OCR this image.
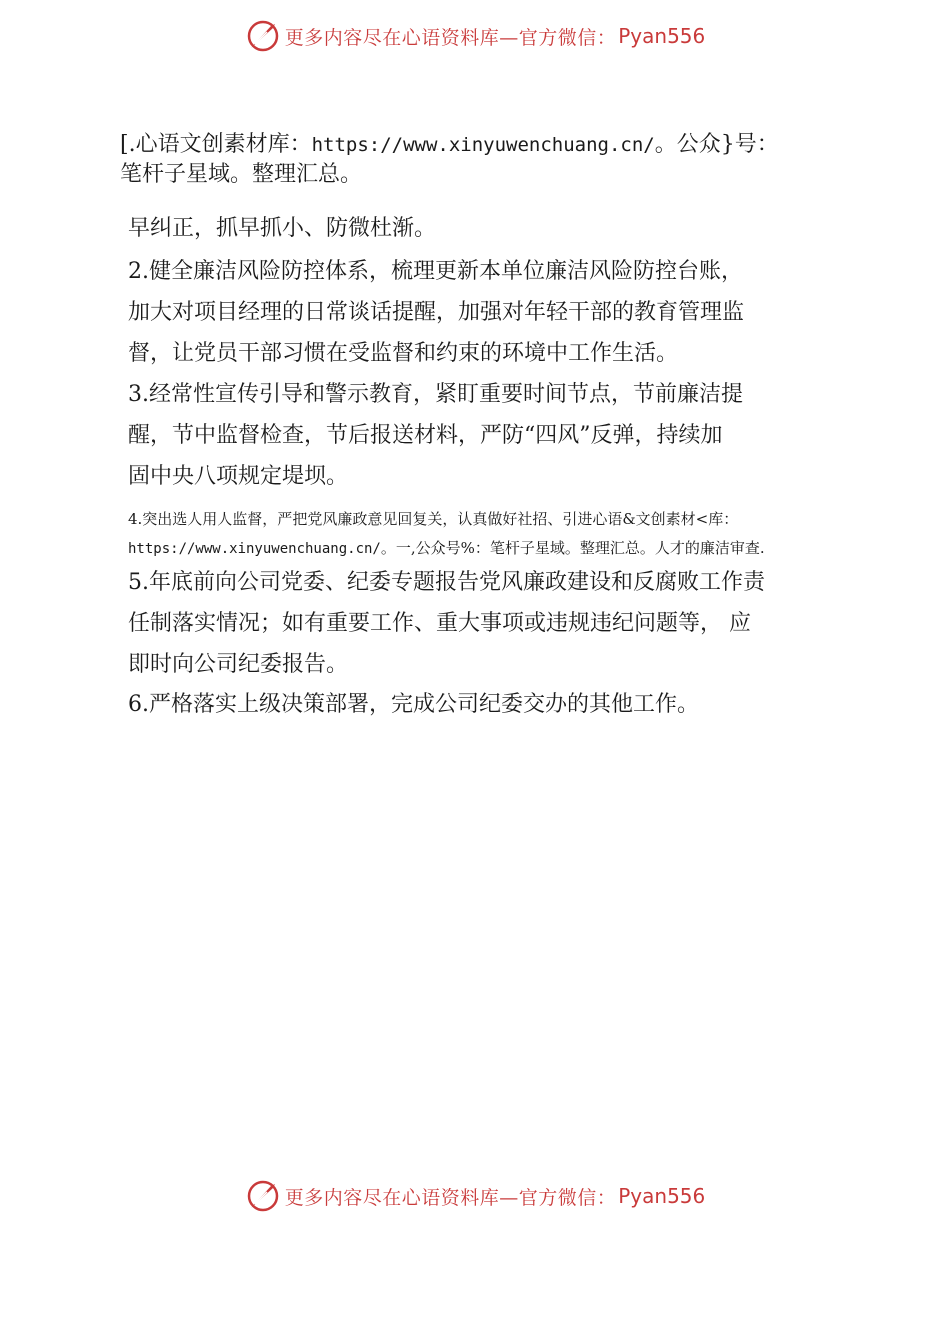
更多内容尽在心语资料库—官方微信： Pyan556
[.心语文创素材库：https://www.xinyuwenchuang.cn/。公众}号：
笔杆子星域。整理汇总。
早纠正，抓早抓小、防微杜渐。
2.健全廉洁风险防控体系，梳理更新本单位廉洁风险防控台账，
加大对项目经理的日常谈话提醒，加强对年轻干部的教育管理监
督，让党员干部习惯在受监督和约束的环境中工作生活。
3.经常性宣传引导和警示教育，紧盯重要时间节点，节前廉洁提
醒，节中监督检查，节后报送材料，严防“四风”反弹，持续加
固中央八项规定堤坝。
4.突出选人用人监督，严把党风廉政意见回复关，认真做好社招、引进心语&文创素材<库：
https://www.xinyuwenchuang.cn/。一,公众号%：笔杆子星域。整理汇总。人才的廉洁审查.
5.年底前向公司党委、纪委专题报告党风廉政建设和反腐败工作责
任制落实情况；如有重要工作、重大事项或违规违纪问题等， 应
即时向公司纪委报告。
6.严格落实上级决策部署，完成公司纪委交办的其他工作。
更多内容尽在心语资料库—官方微信： Pyan556
